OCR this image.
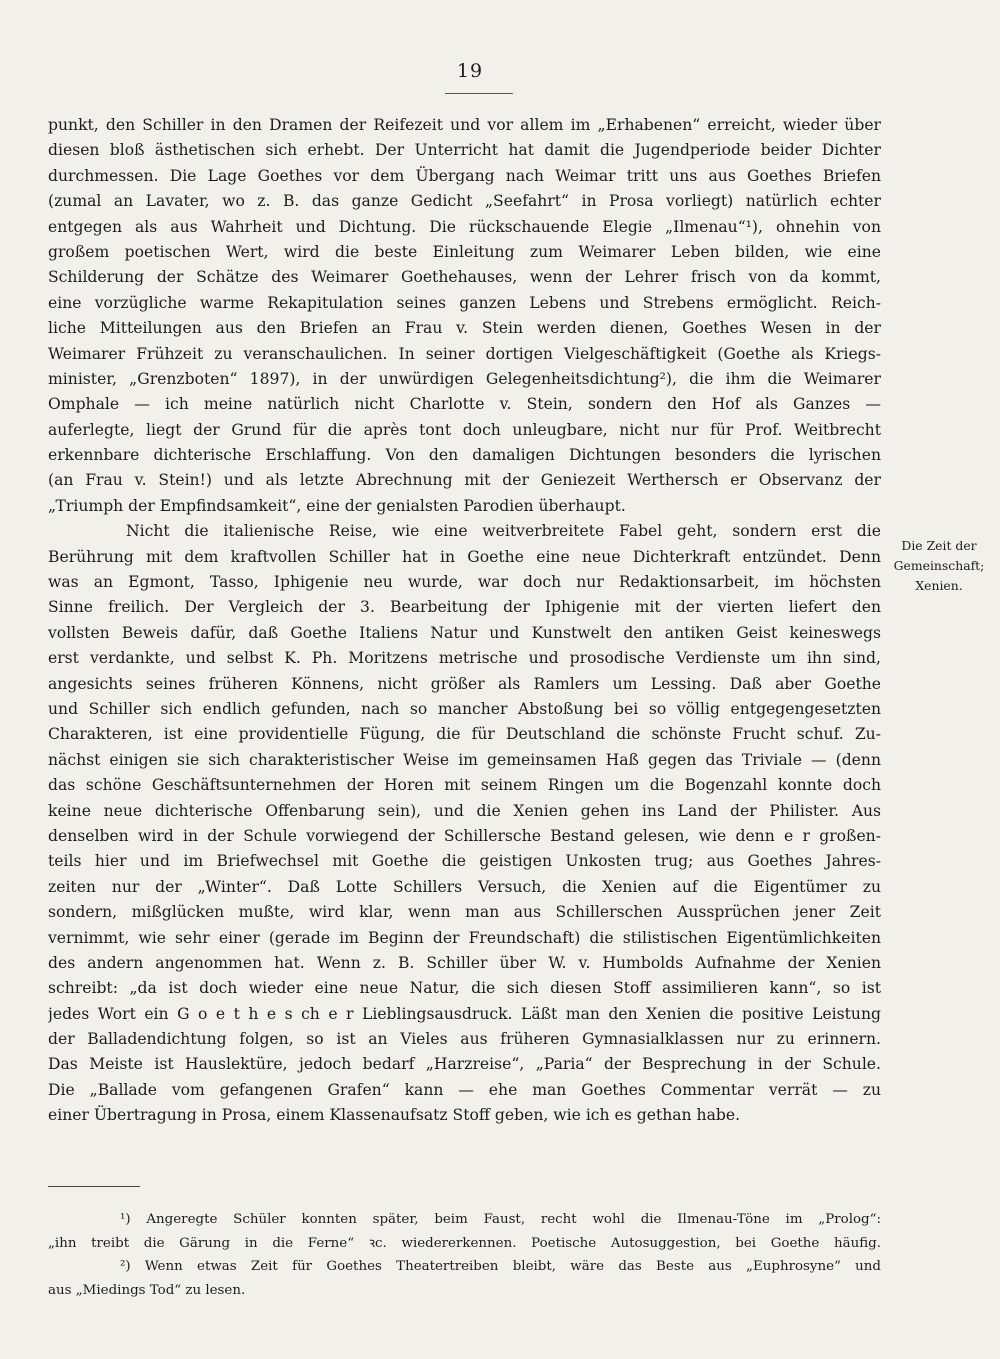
19
punkt, den Schiller in den Dramen der Reifezeit und vor allem im „Erhabenen“ erreicht, wieder über
diesen bloß ästhetischen sich erhebt. Der Unterricht hat damit die Jugendperiode beider Dichter
durchmessen. Die Lage Goethes vor dem Übergang nach Weimar tritt uns aus Goethes Briefen
(zumal an Lavater, wo z. B. das ganze Gedicht „Seefahrt“ in Prosa vorliegt) natürlich echter
entgegen als aus Wahrheit und Dichtung. Die rückschauende Elegie „Ilmenau“¹), ohnehin von
großem poetischen Wert, wird die beste Einleitung zum Weimarer Leben bilden, wie eine
Schilderung der Schätze des Weimarer Goethehauses, wenn der Lehrer frisch von da kommt,
eine vorzügliche warme Rekapitulation seines ganzen Lebens und Strebens ermöglicht. Reich-
liche Mitteilungen aus den Briefen an Frau v. Stein werden dienen, Goethes Wesen in der
Weimarer Frühzeit zu veranschaulichen. In seiner dortigen Vielgeschäftigkeit (Goethe als Kriegs-
minister, „Grenzboten“ 1897), in der unwürdigen Gelegenheitsdichtung²), die ihm die Weimarer
Omphale — ich meine natürlich nicht Charlotte v. Stein, sondern den Hof als Ganzes —
auferlegte, liegt der Grund für die après tont doch unleugbare, nicht nur für Prof. Weitbrecht
erkennbare dichterische Erschlaffung. Von den damaligen Dichtungen besonders die lyrischen
(an Frau v. Stein!) und als letzte Abrechnung mit der Geniezeit Werthersch er Observanz der
„Triumph der Empfindsamkeit“, eine der genialsten Parodien überhaupt.
Nicht die italienische Reise, wie eine weitverbreitete Fabel geht, sondern erst die
Berührung mit dem kraftvollen Schiller hat in Goethe eine neue Dichterkraft entzündet. Denn
was an Egmont, Tasso, Iphigenie neu wurde, war doch nur Redaktionsarbeit, im höchsten
Sinne freilich. Der Vergleich der 3. Bearbeitung der Iphigenie mit der vierten liefert den
vollsten Beweis dafür, daß Goethe Italiens Natur und Kunstwelt den antiken Geist keineswegs
erst verdankte, und selbst K. Ph. Moritzens metrische und prosodische Verdienste um ihn sind,
angesichts seines früheren Könnens, nicht größer als Ramlers um Lessing. Daß aber Goethe
und Schiller sich endlich gefunden, nach so mancher Abstoßung bei so völlig entgegengesetzten
Charakteren, ist eine providentielle Fügung, die für Deutschland die schönste Frucht schuf. Zu-
nächst einigen sie sich charakteristischer Weise im gemeinsamen Haß gegen das Triviale — (denn
das schöne Geschäftsunternehmen der Horen mit seinem Ringen um die Bogenzahl konnte doch
keine neue dichterische Offenbarung sein), und die Xenien gehen ins Land der Philister. Aus
denselben wird in der Schule vorwiegend der Schillersche Bestand gelesen, wie denn e r großen-
teils hier und im Briefwechsel mit Goethe die geistigen Unkosten trug; aus Goethes Jahres-
zeiten nur der „Winter“. Daß Lotte Schillers Versuch, die Xenien auf die Eigentümer zu
sondern, mißglücken mußte, wird klar, wenn man aus Schillerschen Aussprüchen jener Zeit
vernimmt, wie sehr einer (gerade im Beginn der Freundschaft) die stilistischen Eigentümlichkeiten
des andern angenommen hat. Wenn z. B. Schiller über W. v. Humbolds Aufnahme der Xenien
schreibt: „da ist doch wieder eine neue Natur, die sich diesen Stoff assimilieren kann“, so ist
jedes Wort ein G o e t h e s ch e r Lieblingsausdruck. Läßt man den Xenien die positive Leistung
der Balladendichtung folgen, so ist an Vieles aus früheren Gymnasialklassen nur zu erinnern.
Das Meiste ist Hauslektüre, jedoch bedarf „Harzreise“, „Paria“ der Besprechung in der Schule.
Die „Ballade vom gefangenen Grafen“ kann — ehe man Goethes Commentar verrät — zu
einer Übertragung in Prosa, einem Klassenaufsatz Stoff geben, wie ich es gethan habe.
Die Zeit der
Gemeinschaft;
Xenien.
¹) Angeregte Schüler konnten später, beim Faust, recht wohl die Ilmenau-Töne im „Prolog“:
„ihn treibt die Gärung in die Ferne“ ꝛc. wiedererkennen. Poetische Autosuggestion, bei Goethe häufig.
²) Wenn etwas Zeit für Goethes Theatertreiben bleibt, wäre das Beste aus „Euphrosyne“ und
aus „Miedings Tod“ zu lesen.
